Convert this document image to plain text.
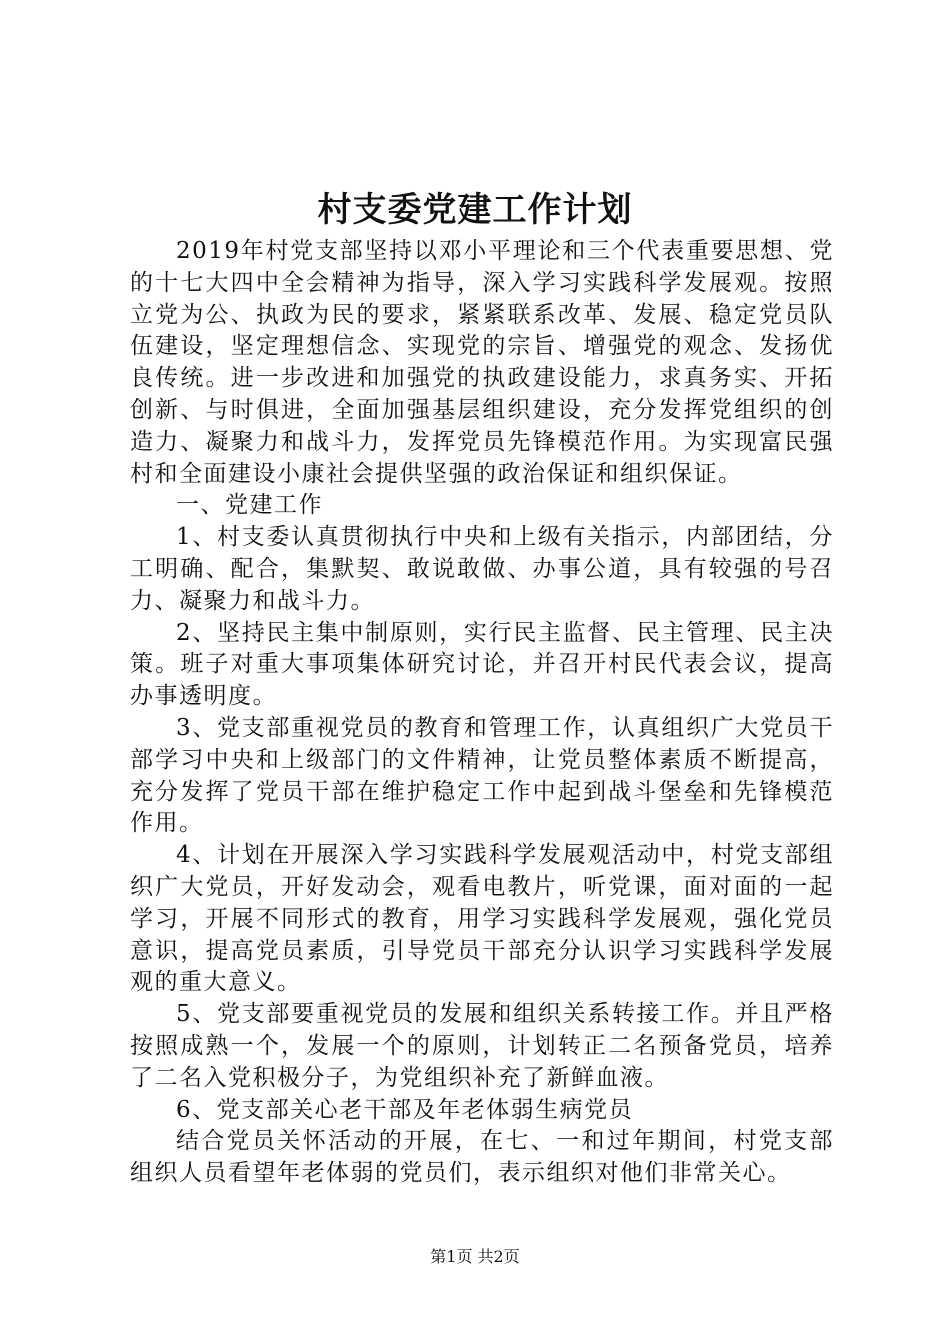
村支委党建工作计划

2019年村党支部坚持以邓小平理论和三个代表重要思想、党的十七大四中全会精神为指导，深入学习实践科学发展观。按照立党为公、执政为民的要求，紧紧联系改革、发展、稳定党员队伍建设，坚定理想信念、实现党的宗旨、增强党的观念、发扬优良传统。进一步改进和加强党的执政建设能力，求真务实、开拓创新、与时俱进，全面加强基层组织建设，充分发挥党组织的创造力、凝聚力和战斗力，发挥党员先锋模范作用。为实现富民强村和全面建设小康社会提供坚强的政治保证和组织保证。

一、党建工作

1、村支委认真贯彻执行中央和上级有关指示，内部团结，分工明确、配合，集默契、敢说敢做、办事公道，具有较强的号召力、凝聚力和战斗力。

2、坚持民主集中制原则，实行民主监督、民主管理、民主决策。班子对重大事项集体研究讨论，并召开村民代表会议，提高办事透明度。

3、党支部重视党员的教育和管理工作，认真组织广大党员干部学习中央和上级部门的文件精神，让党员整体素质不断提高，充分发挥了党员干部在维护稳定工作中起到战斗堡垒和先锋模范作用。

4、计划在开展深入学习实践科学发展观活动中，村党支部组织广大党员，开好发动会，观看电教片，听党课，面对面的一起学习，开展不同形式的教育，用学习实践科学发展观，强化党员意识，提高党员素质，引导党员干部充分认识学习实践科学发展观的重大意义。

5、党支部要重视党员的发展和组织关系转接工作。并且严格按照成熟一个，发展一个的原则，计划转正二名预备党员，培养了二名入党积极分子，为党组织补充了新鲜血液。

6、党支部关心老干部及年老体弱生病党员

结合党员关怀活动的开展，在七、一和过年期间，村党支部组织人员看望年老体弱的党员们，表示组织对他们非常关心。

第1页 共2页
